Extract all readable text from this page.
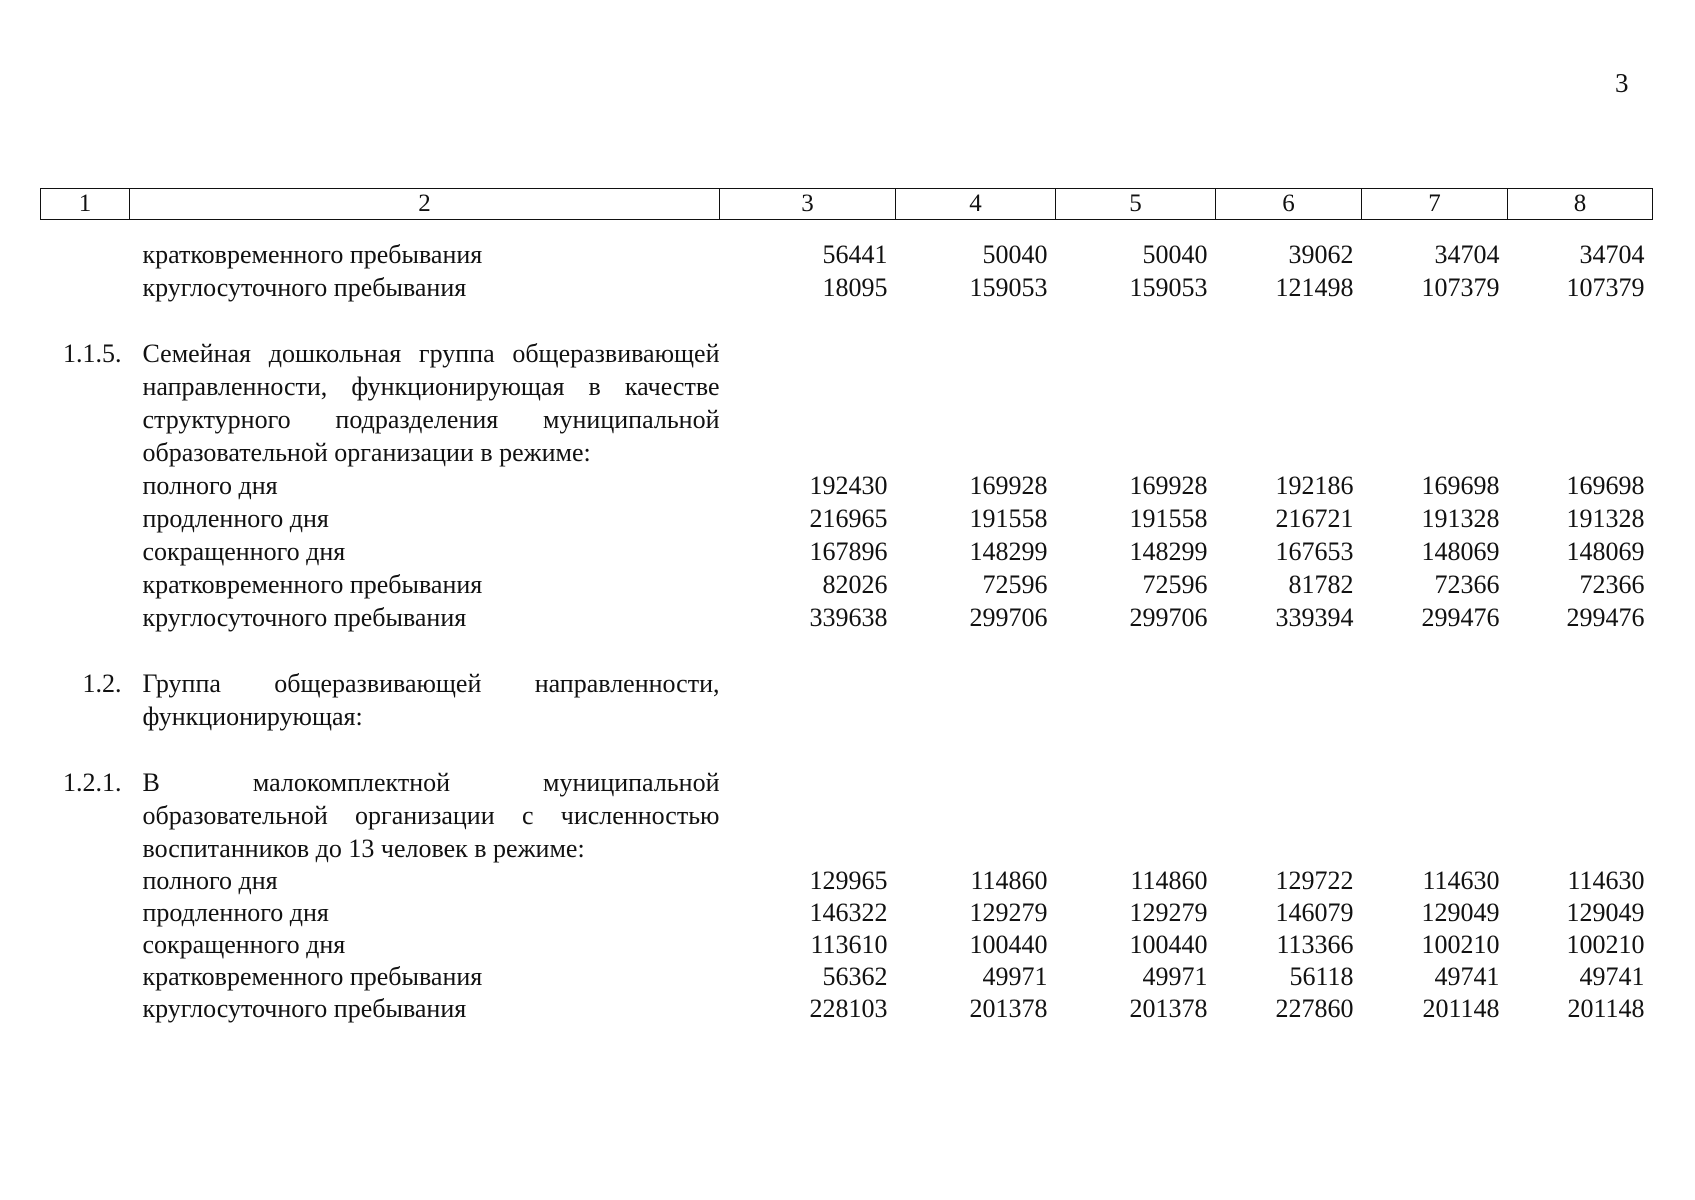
3
1	2	3	4	5	6	7	8
	кратковременного пребывания	56441	50040	50040	39062	34704	34704
	круглосуточного пребывания	18095	159053	159053	121498	107379	107379
1.1.5.	Семейная дошкольная группа общеразвивающей направленности, функционирующая в качестве структурного подразделения муниципальной образовательной организации в режиме:						
	полного дня	192430	169928	169928	192186	169698	169698
	продленного дня	216965	191558	191558	216721	191328	191328
	сокращенного дня	167896	148299	148299	167653	148069	148069
	кратковременного пребывания	82026	72596	72596	81782	72366	72366
	круглосуточного пребывания	339638	299706	299706	339394	299476	299476
1.2.	Группа общеразвивающей направленности, функционирующая:						
1.2.1.	В малокомплектной муниципальной образовательной организации с численностью воспитанников до 13 человек в режиме:						
	полного дня	129965	114860	114860	129722	114630	114630
	продленного дня	146322	129279	129279	146079	129049	129049
	сокращенного дня	113610	100440	100440	113366	100210	100210
	кратковременного пребывания	56362	49971	49971	56118	49741	49741
	круглосуточного пребывания	228103	201378	201378	227860	201148	201148
